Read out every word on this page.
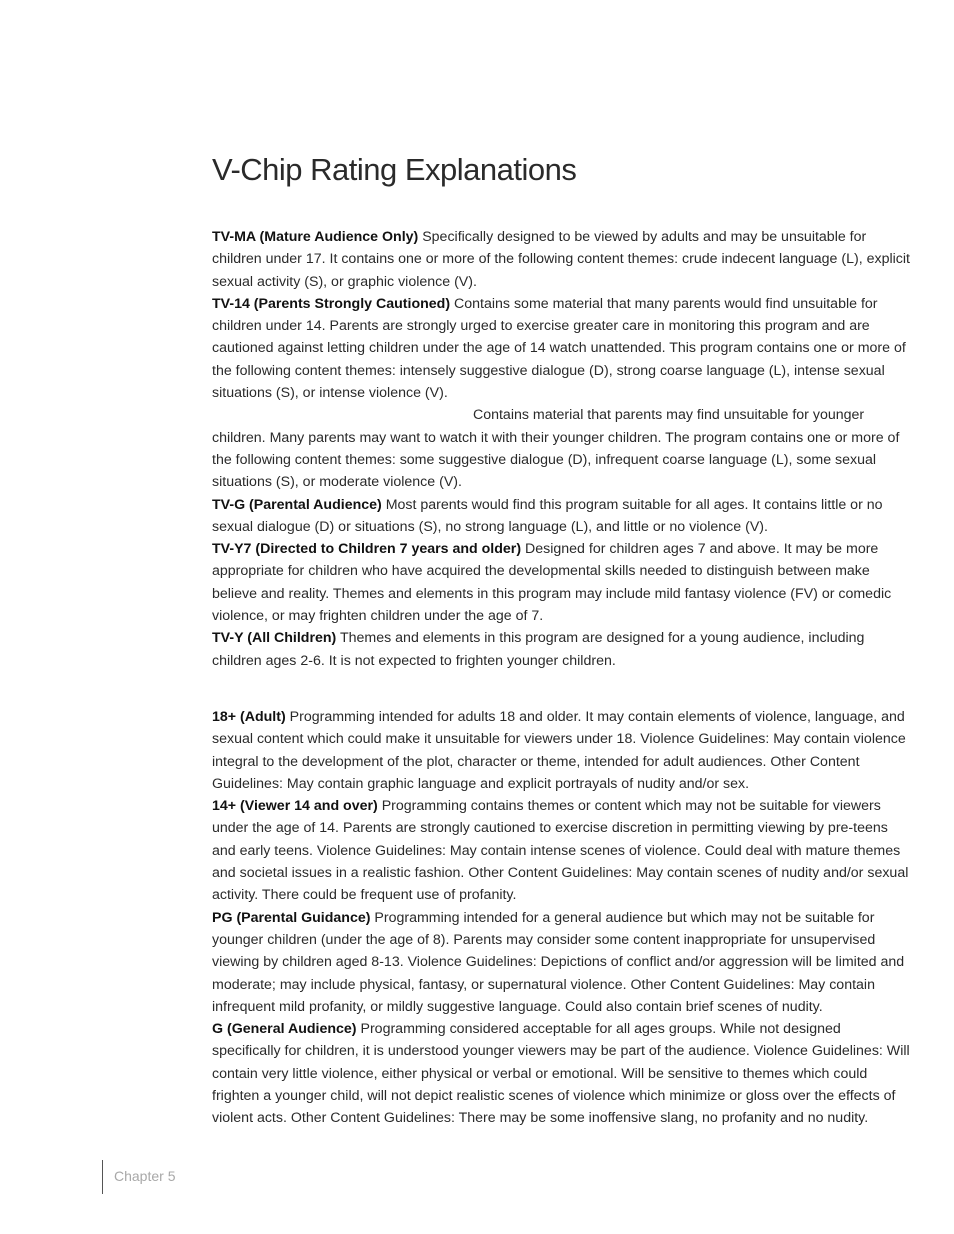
V-Chip Rating Explanations

TV-MA (Mature Audience Only) Specifically designed to be viewed by adults and may be unsuitable for children under 17. It contains one or more of the following content themes: crude indecent language (L), explicit sexual activity (S), or graphic violence (V).

TV-14 (Parents Strongly Cautioned) Contains some material that many parents would find unsuitable for children under 14. Parents are strongly urged to exercise greater care in monitoring this program and are cautioned against letting children under the age of 14 watch unattended. This program contains one or more of the following content themes: intensely suggestive dialogue (D), strong coarse language (L), intense sexual situations (S), or intense violence (V).

Contains material that parents may find unsuitable for younger children. Many parents may want to watch it with their younger children. The program contains one or more of the following content themes: some suggestive dialogue (D), infrequent coarse language (L), some sexual situations (S), or moderate violence (V).

TV-G (Parental Audience) Most parents would find this program suitable for all ages. It contains little or no sexual dialogue (D) or situations (S), no strong language (L), and little or no violence (V).

TV-Y7 (Directed to Children 7 years and older) Designed for children ages 7 and above. It may be more appropriate for children who have acquired the developmental skills needed to distinguish between make believe and reality. Themes and elements in this program may include mild fantasy violence (FV) or comedic violence, or may frighten children under the age of 7.

TV-Y (All Children) Themes and elements in this program are designed for a young audience, including children ages 2-6. It is not expected to frighten younger children.

18+ (Adult) Programming intended for adults 18 and older. It may contain elements of violence, language, and sexual content which could make it unsuitable for viewers under 18. Violence Guidelines: May contain violence integral to the development of the plot, character or theme, intended for adult audiences. Other Content Guidelines: May contain graphic language and explicit portrayals of nudity and/or sex.

14+ (Viewer 14 and over) Programming contains themes or content which may not be suitable for viewers under the age of 14. Parents are strongly cautioned to exercise discretion in permitting viewing by pre-teens and early teens. Violence Guidelines: May contain intense scenes of violence. Could deal with mature themes and societal issues in a realistic fashion. Other Content Guidelines: May contain scenes of nudity and/or sexual activity. There could be frequent use of profanity.

PG (Parental Guidance) Programming intended for a general audience but which may not be suitable for younger children (under the age of 8). Parents may consider some content inappropriate for unsupervised viewing by children aged 8-13. Violence Guidelines: Depictions of conflict and/or aggression will be limited and moderate; may include physical, fantasy, or supernatural violence. Other Content Guidelines: May contain infrequent mild profanity, or mildly suggestive language. Could also contain brief scenes of nudity.

G (General Audience) Programming considered acceptable for all ages groups. While not designed specifically for children, it is understood younger viewers may be part of the audience. Violence Guidelines: Will contain very little violence, either physical or verbal or emotional. Will be sensitive to themes which could frighten a younger child, will not depict realistic scenes of violence which minimize or gloss over the effects of violent acts. Other Content Guidelines: There may be some inoffensive slang, no profanity and no nudity.

Chapter 5
